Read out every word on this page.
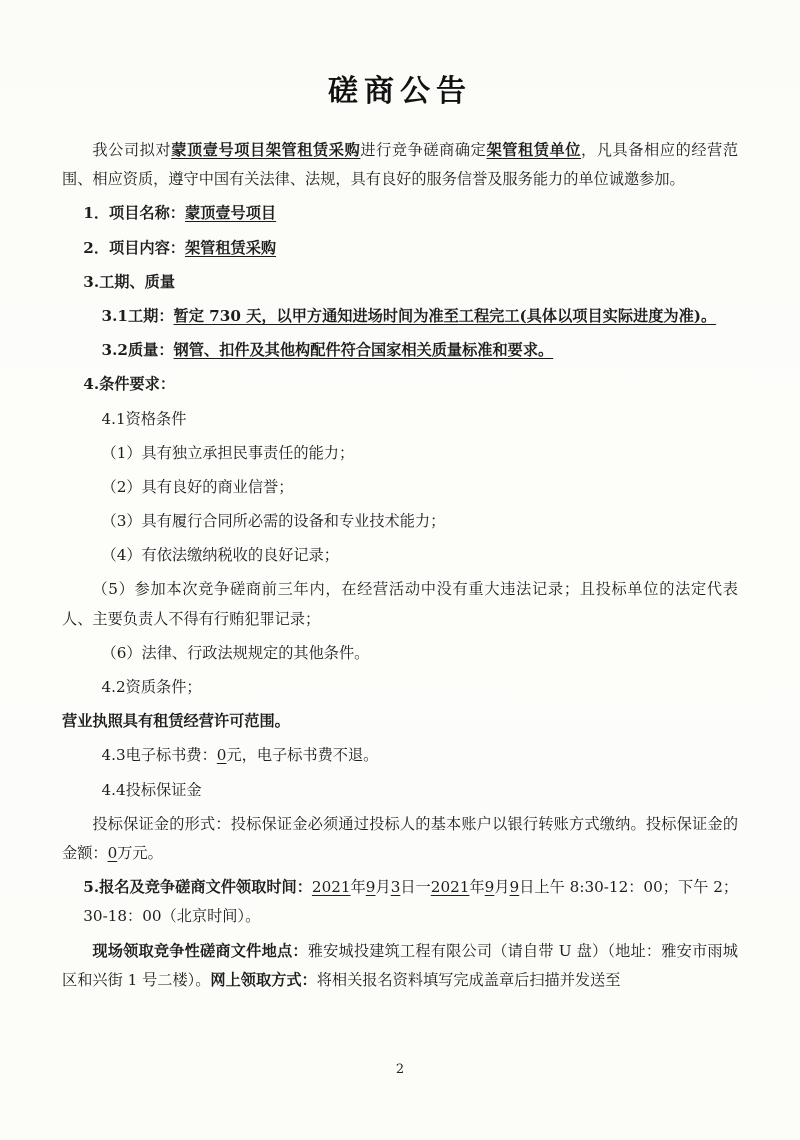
磋商公告

我公司拟对蒙顶壹号项目架管租赁采购进行竞争磋商确定架管租赁单位，凡具备相应的经营范围、相应资质，遵守中国有关法律、法规，具有良好的服务信誉及服务能力的单位诚邀参加。

1．项目名称：蒙顶壹号项目

2．项目内容：架管租赁采购

3.工期、质量

3.1工期：暂定 730 天，以甲方通知进场时间为准至工程完工(具体以项目实际进度为准)。

3.2质量：钢管、扣件及其他构配件符合国家相关质量标准和要求。

4.条件要求：

4.1资格条件

（1）具有独立承担民事责任的能力；

（2）具有良好的商业信誉；

（3）具有履行合同所必需的设备和专业技术能力；

（4）有依法缴纳税收的良好记录；

（5）参加本次竞争磋商前三年内，在经营活动中没有重大违法记录；且投标单位的法定代表人、主要负责人不得有行贿犯罪记录；

（6）法律、行政法规规定的其他条件。

4.2资质条件；

营业执照具有租赁经营许可范围。

4.3电子标书费：0元，电子标书费不退。

4.4投标保证金

投标保证金的形式：投标保证金必须通过投标人的基本账户以银行转账方式缴纳。投标保证金的金额：0万元。

5.报名及竞争磋商文件领取时间：2021年9月3日一2021年9月9日上午 8:30-12：00；下午 2；30-18：00（北京时间）。

现场领取竞争性磋商文件地点：雅安城投建筑工程有限公司（请自带 U 盘）（地址：雅安市雨城区和兴街 1 号二楼）。网上领取方式：将相关报名资料填写完成盖章后扫描并发送至

2
